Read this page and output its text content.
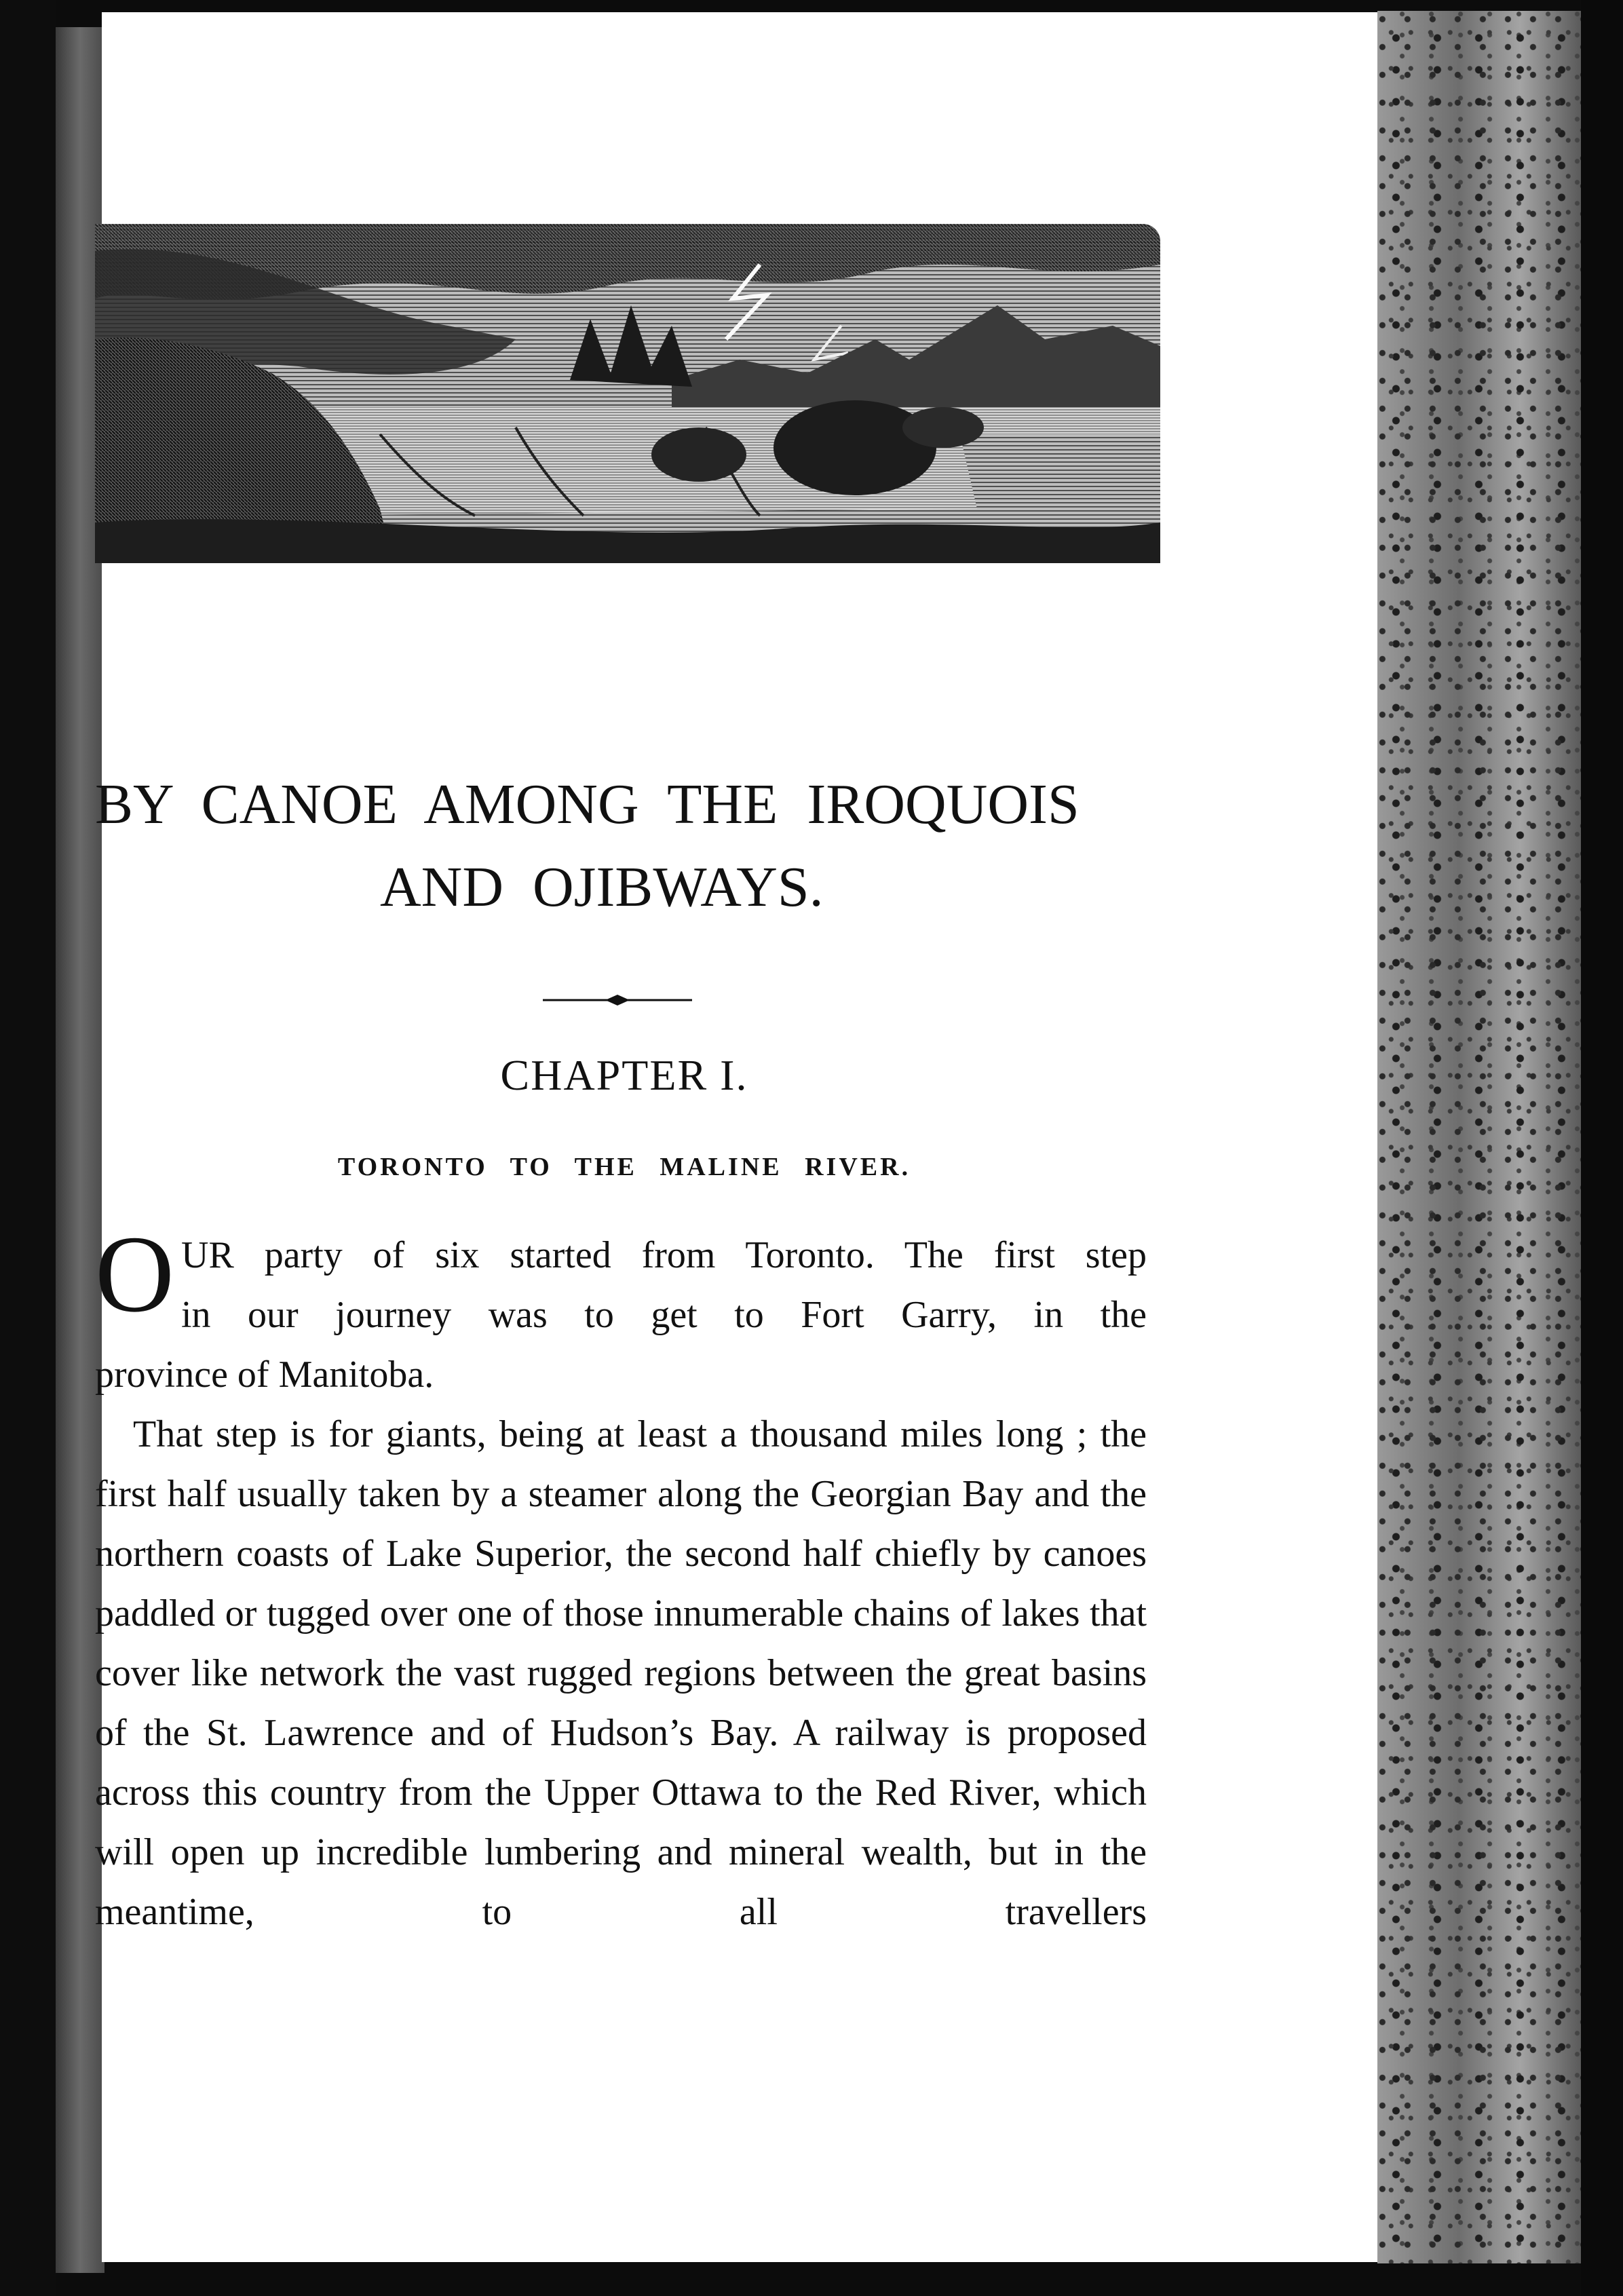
BY CANOE AMONG THE IROQUOIS
AND OJIBWAYS.
CHAPTER I.
TORONTO TO THE MALINE RIVER.
O UR party of six started from Toronto. The first step

in our journey was to get to Fort Garry, in the

province of Manitoba.

That step is for giants, being at least a thousand miles long ; the first half usually taken by a steamer along the Georgian Bay and the northern coasts of Lake Superior, the second half chiefly by canoes paddled or tugged over one of those innumerable chains of lakes that cover like network the vast rugged regions between the great basins of the St. Lawrence and of Hudson’s Bay. A railway is proposed across this country from the Upper Ottawa to the Red River, which will open up incredible lumbering and mineral wealth, but in the meantime, to all travellers
